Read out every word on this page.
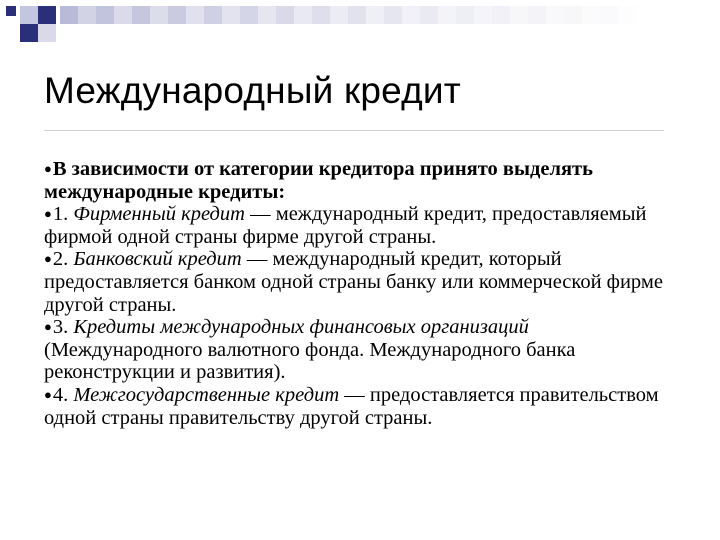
Международный кредит

●В зависимости от категории кредитора принято выделять международные кредиты:

●1. Фирменный кредит — международный кредит, предоставляемый фирмой одной страны фирме другой страны.

●2. Банковский кредит — международный кредит, который предоставляется банком одной страны банку или коммерческой фирме другой страны.

●3. Кредиты международных финансовых организаций (Международного валютного фонда. Международного банка реконструкции и развития).

●4. Межгосударственные кредит — предоставляется правительством одной страны правительству другой страны.
